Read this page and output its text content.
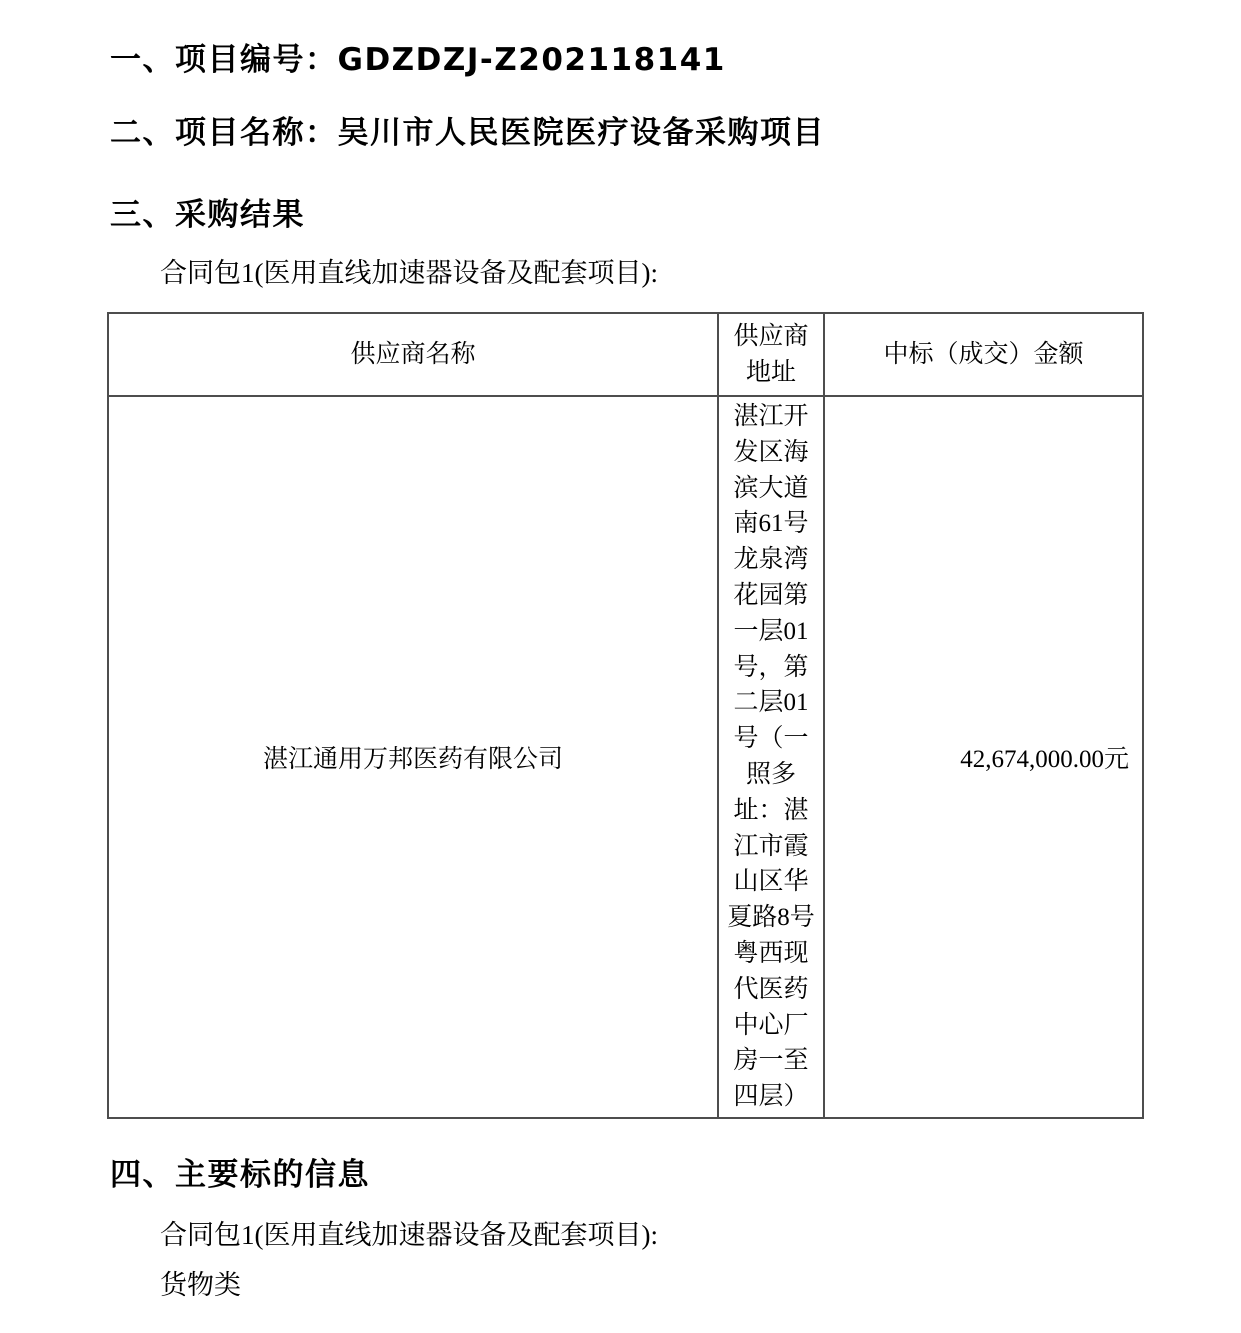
一、项目编号：GDZDZJ-Z202118141
二、项目名称：吴川市人民医院医疗设备采购项目
三、采购结果
合同包1(医用直线加速器设备及配套项目):
供应商名称	供应商地址	中标（成交）金额
湛江通用万邦医药有限公司	湛江开发区海滨大道南61号龙泉湾花园第一层01号，第二层01号（一照多址：湛江市霞山区华夏路8号粤西现代医药中心厂房一至四层）	42,674,000.00元
四、主要标的信息
合同包1(医用直线加速器设备及配套项目):
货物类
